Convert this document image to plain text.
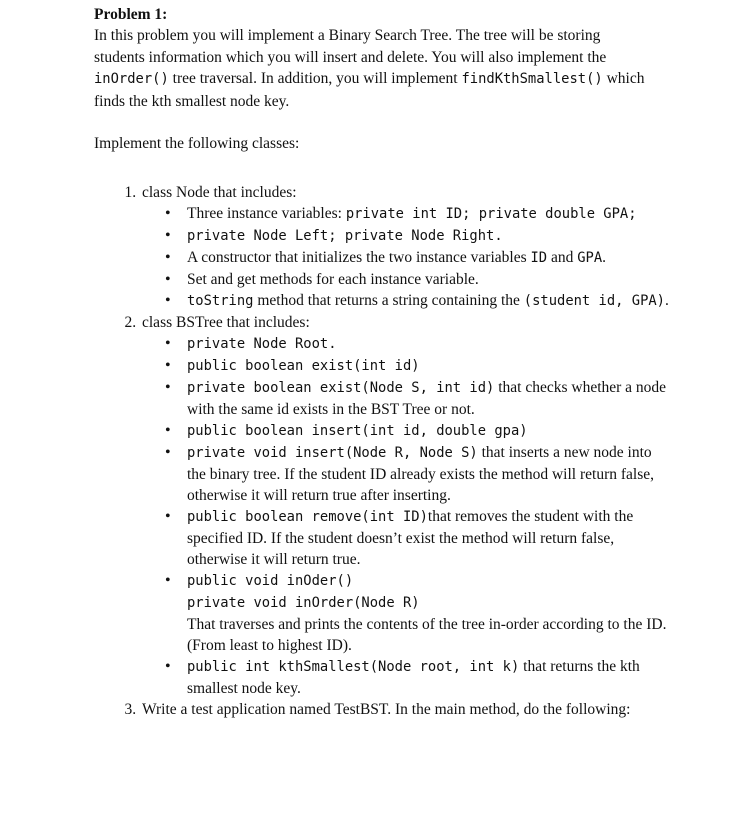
Problem 1:

In this problem you will implement a Binary Search Tree. The tree will be storing students information which you will insert and delete. You will also implement the inOrder() tree traversal. In addition, you will implement findKthSmallest() which finds the kth smallest node key.

Implement the following classes:

1. class Node that includes:
• Three instance variables: private int ID; private double GPA;
• private Node Left; private Node Right.
• A constructor that initializes the two instance variables ID and GPA.
• Set and get methods for each instance variable.
• toString method that returns a string containing the (student id, GPA).
2. class BSTree that includes:
• private Node Root.
• public boolean exist(int id)
• private boolean exist(Node S, int id) that checks whether a node with the same id exists in the BST Tree or not.
• public boolean insert(int id, double gpa)
• private void insert(Node R, Node S) that inserts a new node into the binary tree. If the student ID already exists the method will return false, otherwise it will return true after inserting.
• public boolean remove(int ID)that removes the student with the specified ID. If the student doesn’t exist the method will return false, otherwise it will return true.
• public void inOder()
private void inOrder(Node R)
That traverses and prints the contents of the tree in-order according to the ID. (From least to highest ID).
• public int kthSmallest(Node root, int k) that returns the kth smallest node key.
3. Write a test application named TestBST. In the main method, do the following:
